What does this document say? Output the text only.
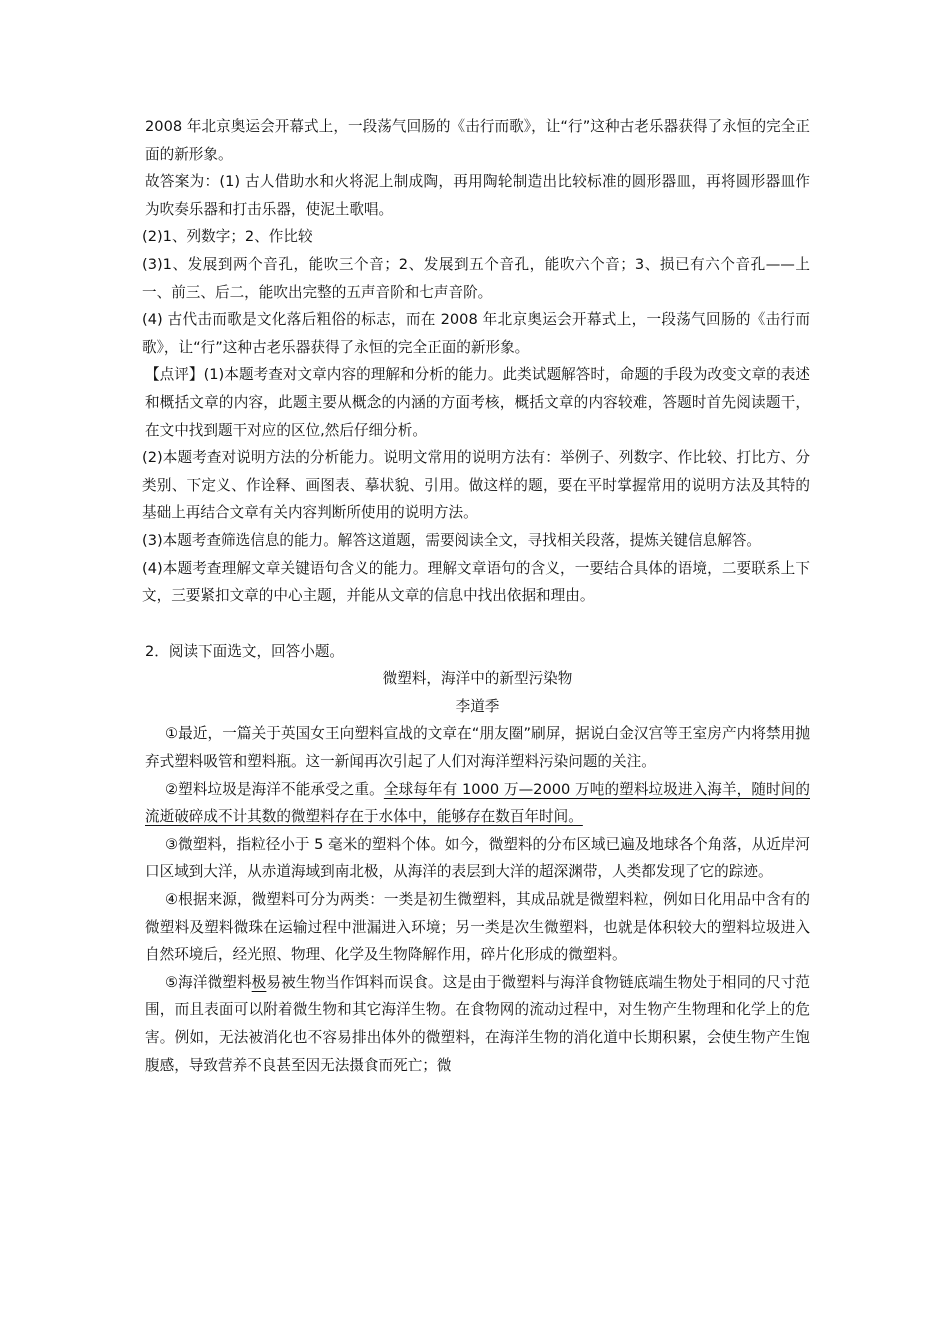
2008 年北京奥运会开幕式上，一段荡气回肠的《击行而歌》，让“行”这种古老乐器获得了永恒的完全正面的新形象。

故答案为：(1) 古人借助水和火将泥上制成陶，再用陶轮制造出比较标准的圆形器皿，再将圆形器皿作为吹奏乐器和打击乐器，使泥土歌唱。

(2)1、列数字；2、作比较

(3)1、发展到两个音孔，能吹三个音；2、发展到五个音孔，能吹六个音；3、损已有六个音孔——上一、前三、后二，能吹出完整的五声音阶和七声音阶。

(4) 古代击而歌是文化落后粗俗的标志，而在 2008 年北京奥运会开幕式上，一段荡气回肠的《击行而歌》，让“行”这种古老乐器获得了永恒的完全正面的新形象。

【点评】(1)本题考查对文章内容的理解和分析的能力。此类试题解答时，命题的手段为改变文章的表述和概括文章的内容，此题主要从概念的内涵的方面考核，概括文章的内容较难，答题时首先阅读题干，在文中找到题干对应的区位,然后仔细分析。

(2)本题考查对说明方法的分析能力。说明文常用的说明方法有：举例子、列数字、作比较、打比方、分类别、下定义、作诠释、画图表、摹状貌、引用。做这样的题，要在平时掌握常用的说明方法及其特的基础上再结合文章有关内容判断所使用的说明方法。

(3)本题考查筛选信息的能力。解答这道题，需要阅读全文，寻找相关段落，提炼关键信息解答。

(4)本题考查理解文章关键语句含义的能力。理解文章语句的含义，一要结合具体的语境，二要联系上下文，三要紧扣文章的中心主题，并能从文章的信息中找出依据和理由。

2．阅读下面选文，回答小题。

微塑料，海洋中的新型污染物

李道季

①最近，一篇关于英国女王向塑料宣战的文章在“朋友圈”刷屏，据说白金汉宫等王室房产内将禁用抛弃式塑料吸管和塑料瓶。这一新闻再次引起了人们对海洋塑料污染问题的关注。

②塑料垃圾是海洋不能承受之重。全球每年有 1000 万—2000 万吨的塑料垃圾进入海羊，随时间的流逝破碎成不计其数的微塑料存在于水体中，能够存在数百年时间。

③微塑料，指粒径小于 5 毫米的塑料个体。如今，微塑料的分布区域已遍及地球各个角落，从近岸河口区域到大洋，从赤道海域到南北极，从海洋的表层到大洋的超深渊带，人类都发现了它的踪迹。

④根据来源，微塑料可分为两类：一类是初生微塑料，其成品就是微塑料粒，例如日化用品中含有的微塑料及塑料微珠在运输过程中泄漏进入环境；另一类是次生微塑料，也就是体积较大的塑料垃圾进入自然环境后，经光照、物理、化学及生物降解作用，碎片化形成的微塑料。

⑤海洋微塑料极易被生物当作饵料而误食。这是由于微塑料与海洋食物链底端生物处于相同的尺寸范围，而且表面可以附着微生物和其它海洋生物。在食物网的流动过程中，对生物产生物理和化学上的危害。例如，无法被消化也不容易排出体外的微塑料，在海洋生物的消化道中长期积累，会使生物产生饱腹感，导致营养不良甚至因无法摄食而死亡；微
